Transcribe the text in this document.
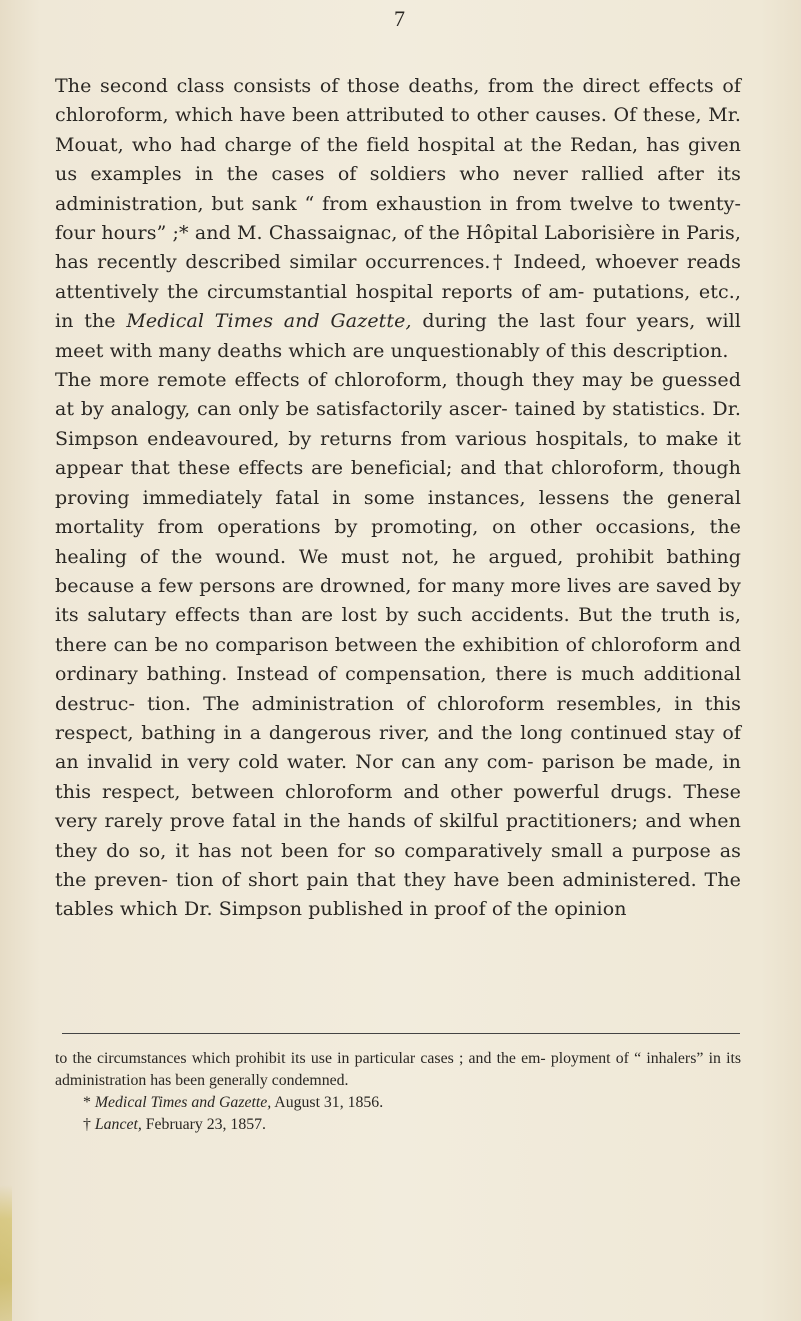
7

The second class consists of those deaths, from the direct effects of chloroform, which have been attributed to other causes. Of these, Mr. Mouat, who had charge of the field hospital at the Redan, has given us examples in the cases of soldiers who never rallied after its administration, but sank “ from exhaustion in from twelve to twenty-four hours” ;* and M. Chassaignac, of the Hôpital Laborisière in Paris, has recently described similar occurrences.† Indeed, whoever reads attentively the circumstantial hospital reports of am- putations, etc., in the Medical Times and Gazette, during the last four years, will meet with many deaths which are unquestionably of this description.

The more remote effects of chloroform, though they may be guessed at by analogy, can only be satisfactorily ascer- tained by statistics. Dr. Simpson endeavoured, by returns from various hospitals, to make it appear that these effects are beneficial; and that chloroform, though proving immediately fatal in some instances, lessens the general mortality from operations by promoting, on other occasions, the healing of the wound. We must not, he argued, prohibit bathing because a few persons are drowned, for many more lives are saved by its salutary effects than are lost by such accidents. But the truth is, there can be no comparison between the exhibition of chloroform and ordinary bathing. Instead of compensation, there is much additional destruc- tion. The administration of chloroform resembles, in this respect, bathing in a dangerous river, and the long continued stay of an invalid in very cold water. Nor can any com- parison be made, in this respect, between chloroform and other powerful drugs. These very rarely prove fatal in the hands of skilful practitioners; and when they do so, it has not been for so comparatively small a purpose as the preven- tion of short pain that they have been administered. The tables which Dr. Simpson published in proof of the opinion

to the circumstances which prohibit its use in particular cases ; and the em- ployment of “ inhalers” in its administration has been generally condemned.

* Medical Times and Gazette, August 31, 1856.

† Lancet, February 23, 1857.
